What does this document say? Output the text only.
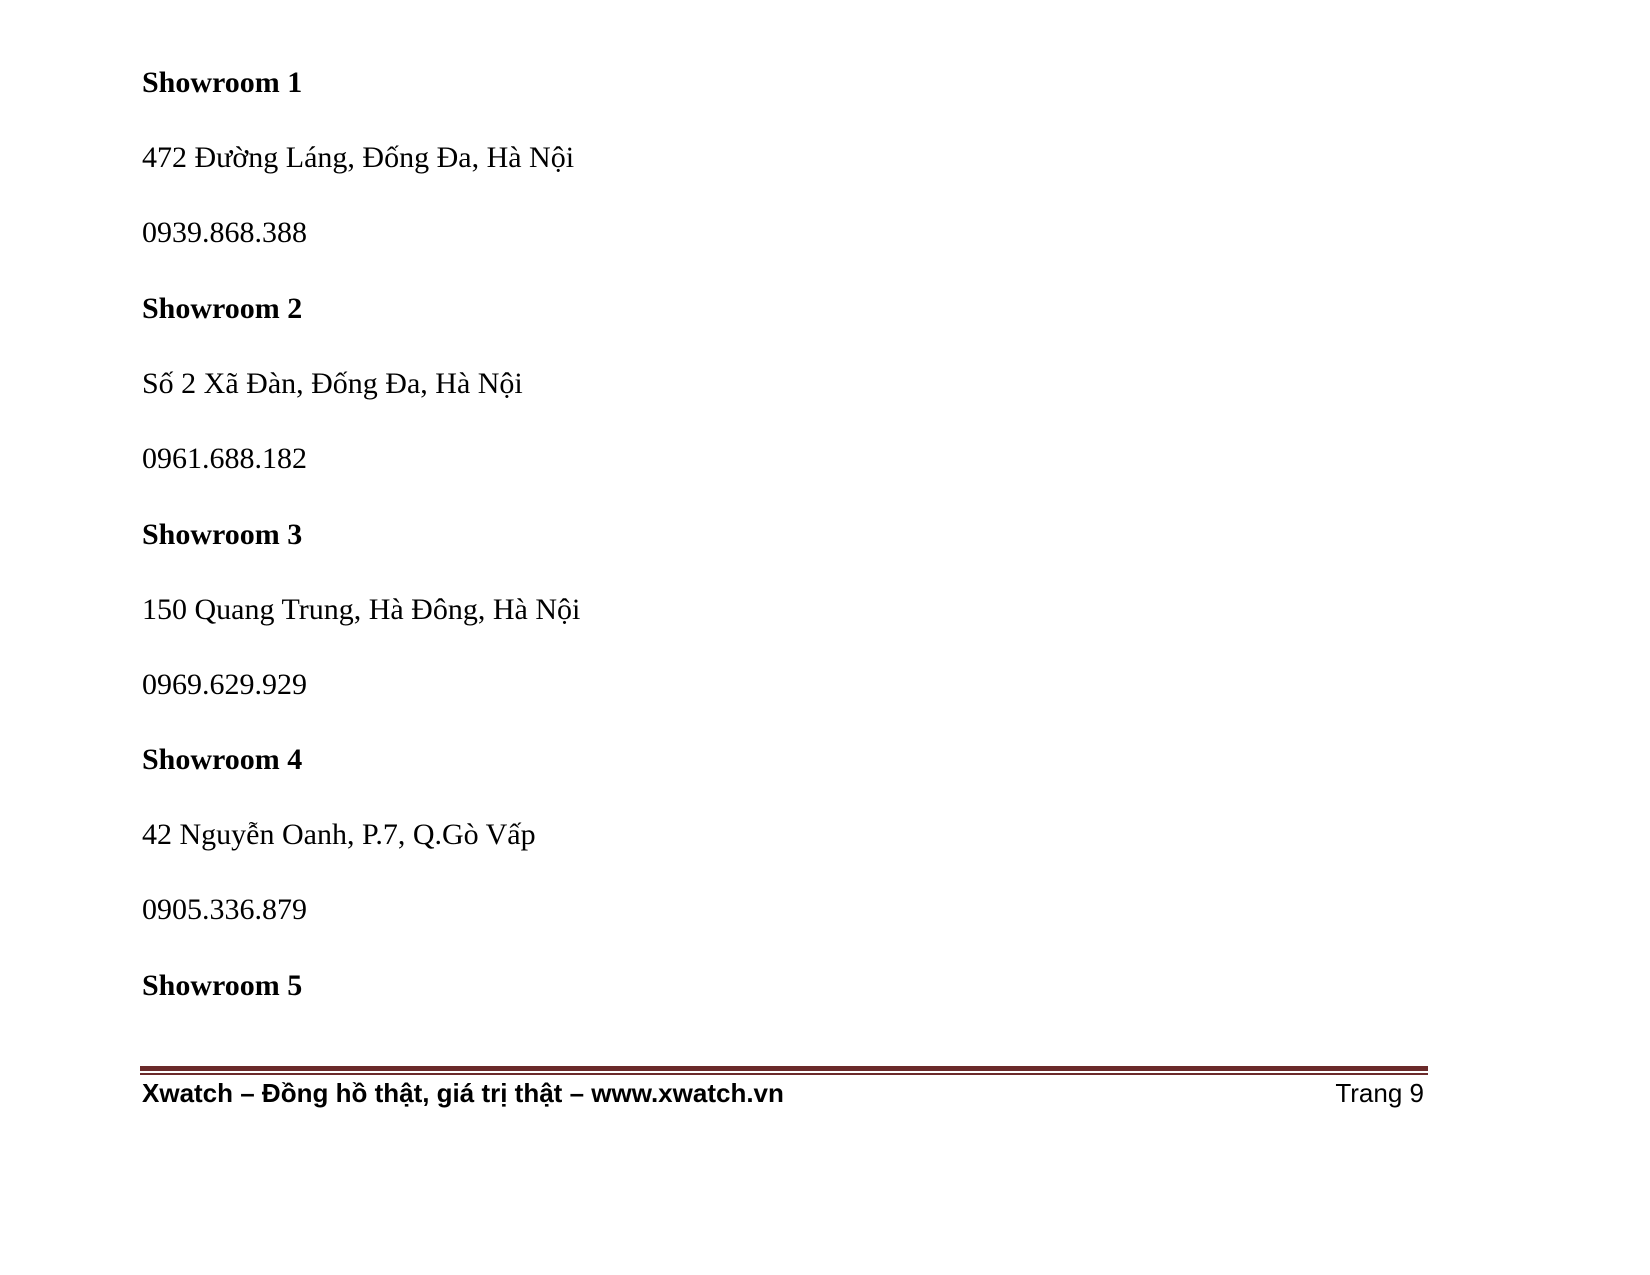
Showroom 1
472 Đường Láng, Đống Đa, Hà Nội
0939.868.388
Showroom 2
Số 2 Xã Đàn, Đống Đa, Hà Nội
0961.688.182
Showroom 3
150 Quang Trung, Hà Đông, Hà Nội
0969.629.929
Showroom 4
42 Nguyễn Oanh, P.7, Q.Gò Vấp
0905.336.879
Showroom 5
Xwatch – Đồng hồ thật, giá trị thật – www.xwatch.vn	Trang 9
